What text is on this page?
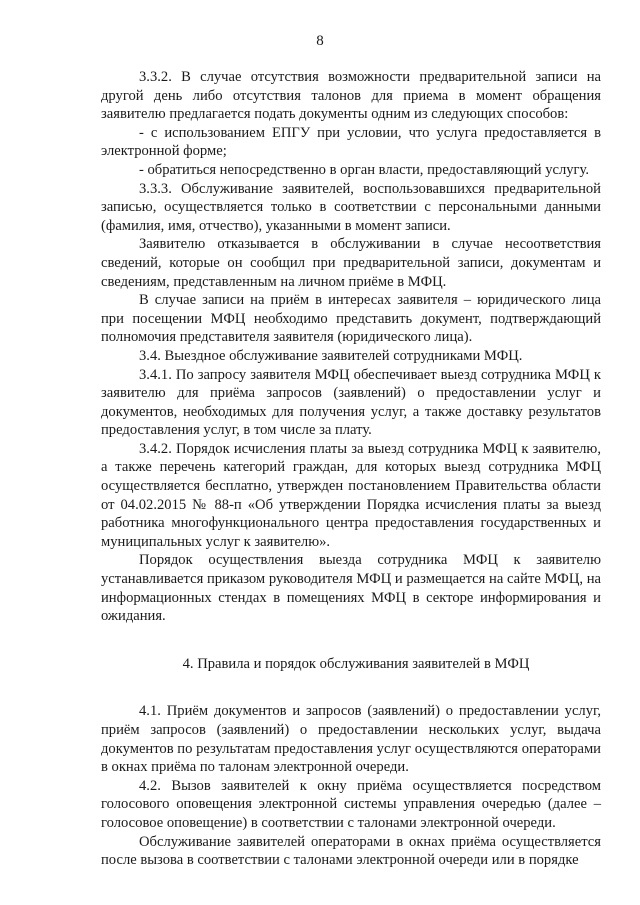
8

3.3.2. В случае отсутствия возможности предварительной записи на другой день либо отсутствия талонов для приема в момент обращения заявителю предлагается подать документы одним из следующих способов:

- с использованием ЕПГУ при условии, что услуга предоставляется в электронной форме;

- обратиться непосредственно в орган власти, предоставляющий услугу.

3.3.3. Обслуживание заявителей, воспользовавшихся предварительной записью, осуществляется только в соответствии с персональными данными (фамилия, имя, отчество), указанными в момент записи.

Заявителю отказывается в обслуживании в случае несоответствия сведений, которые он сообщил при предварительной записи, документам и сведениям, представленным на личном приёме в МФЦ.

В случае записи на приём в интересах заявителя – юридического лица при посещении МФЦ необходимо представить документ, подтверждающий полномочия представителя заявителя (юридического лица).

3.4. Выездное обслуживание заявителей сотрудниками МФЦ.

3.4.1. По запросу заявителя МФЦ обеспечивает выезд сотрудника МФЦ к заявителю для приёма запросов (заявлений) о предоставлении услуг и документов, необходимых для получения услуг, а также доставку результатов предоставления услуг, в том числе за плату.

3.4.2. Порядок исчисления платы за выезд сотрудника МФЦ к заявителю, а также перечень категорий граждан, для которых выезд сотрудника МФЦ осуществляется бесплатно, утвержден постановлением Правительства области от 04.02.2015 № 88-п «Об утверждении Порядка исчисления платы за выезд работника многофункционального центра предоставления государственных и муниципальных услуг к заявителю».

Порядок осуществления выезда сотрудника МФЦ к заявителю устанавливается приказом руководителя МФЦ и размещается на сайте МФЦ, на информационных стендах в помещениях МФЦ в секторе информирования и ожидания.

4. Правила и порядок обслуживания заявителей в МФЦ

4.1. Приём документов и запросов (заявлений) о предоставлении услуг, приём запросов (заявлений) о предоставлении нескольких услуг, выдача документов по результатам предоставления услуг осуществляются операторами в окнах приёма по талонам электронной очереди.

4.2. Вызов заявителей к окну приёма осуществляется посредством голосового оповещения электронной системы управления очередью (далее – голосовое оповещение) в соответствии с талонами электронной очереди.

Обслуживание заявителей операторами в окнах приёма осуществляется после вызова в соответствии с талонами электронной очереди или в порядке
